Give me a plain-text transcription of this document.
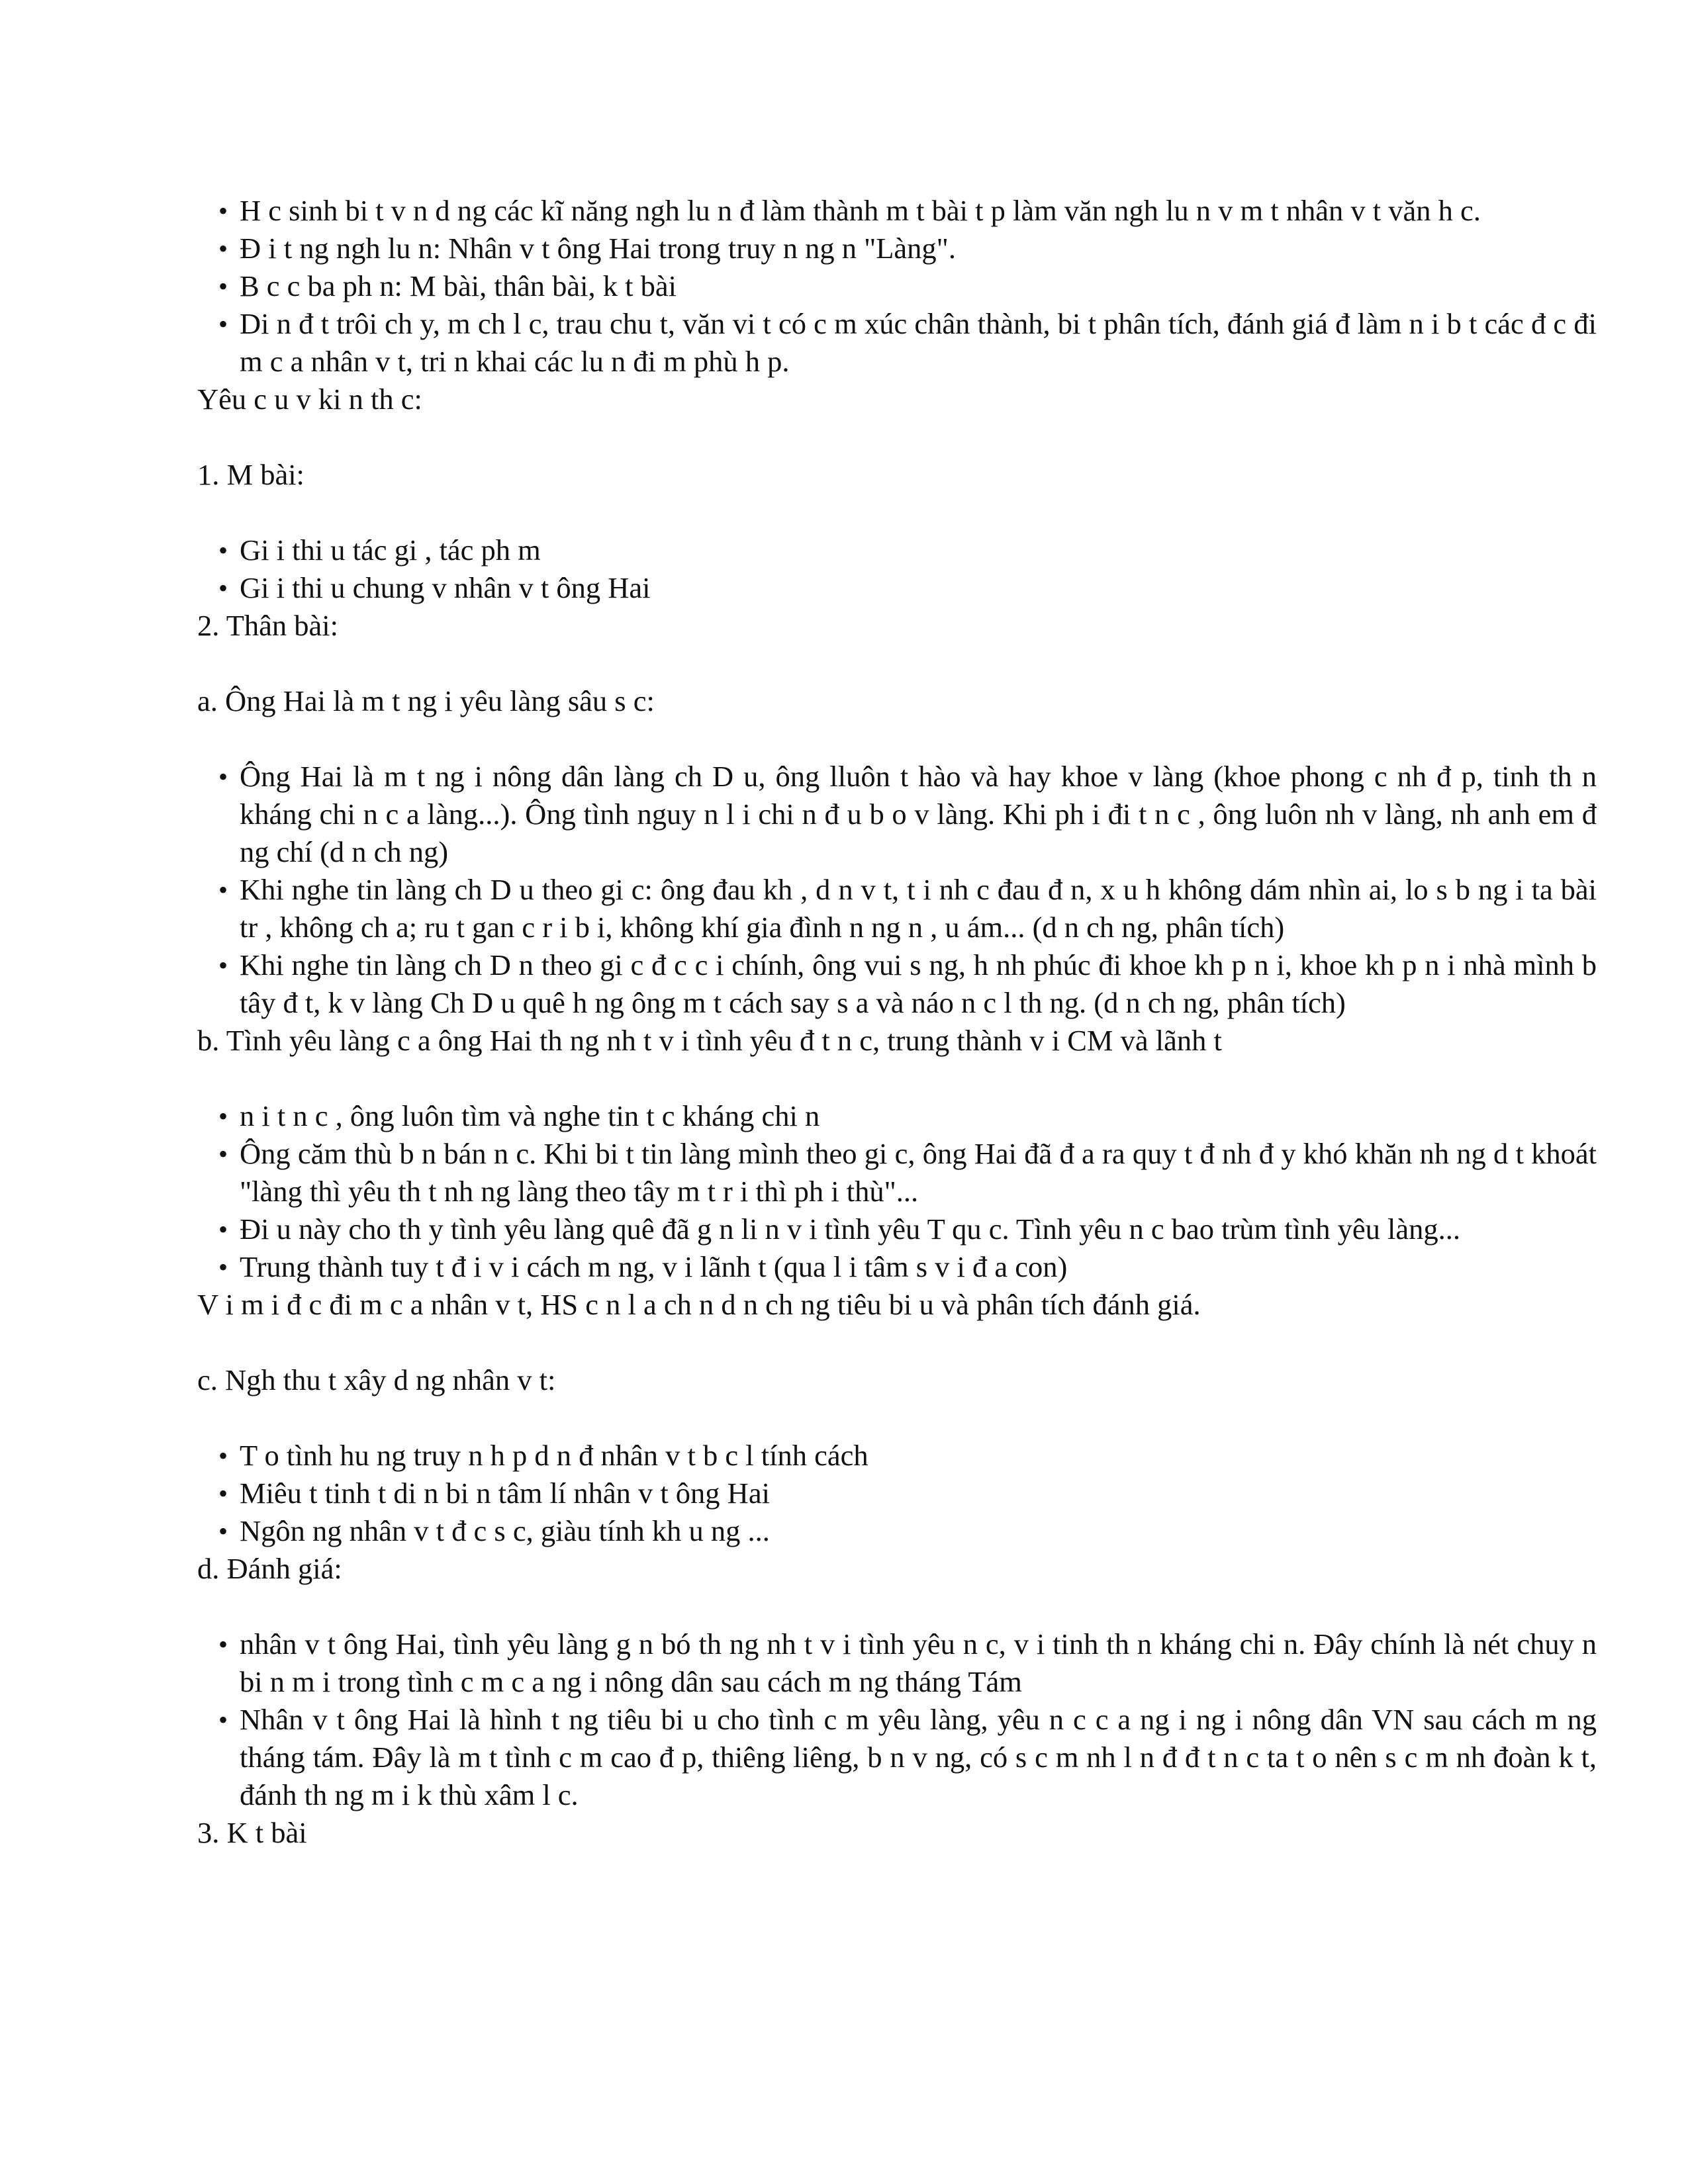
• H c sinh bi t v n d ng các kĩ năng ngh lu n đ làm thành m t bài t p làm văn ngh lu n v m t nhân v t văn h c.
• Đ i t ng ngh lu n: Nhân v t ông Hai trong truy n ng n "Làng".
• B c c ba ph n: M bài, thân bài, k t bài
• Di n đ t trôi ch y, m ch l c, trau chu t, văn vi t có c m xúc chân thành, bi t phân tích, đánh giá đ làm n i b t các đ c đi m c a nhân v t, tri n khai các lu n đi m phù h p.

Yêu c u v ki n th c:

1. M bài:

• Gi i thi u tác gi , tác ph m
• Gi i thi u chung v nhân v t ông Hai

2. Thân bài:

a. Ông Hai là m t ng i yêu làng sâu s c:

• Ông Hai là m t ng i nông dân làng ch D u, ông lluôn t hào và hay khoe v làng (khoe phong c nh đ p, tinh th n kháng chi n c a làng...). Ông tình nguy n l i chi n đ u b o v làng. Khi ph i đi t n c , ông luôn nh v làng, nh anh em đ ng chí (d n ch ng)
• Khi nghe tin làng ch D u theo gi c: ông đau kh , d n v t, t i nh c đau đ n, x u h không dám nhìn ai, lo s b ng i ta bài tr , không ch a; ru t gan c r i b i, không khí gia đình n ng n , u ám... (d n ch ng, phân tích)
• Khi nghe tin làng ch D n theo gi c đ c c i chính, ông vui s ng, h nh phúc đi khoe kh p n i, khoe kh p n i nhà mình b tây đ t, k v làng Ch D u quê h ng ông m t cách say s a và náo n c l th ng. (d n ch ng, phân tích)

b. Tình yêu làng c a ông Hai th ng nh t v i tình yêu đ t n c, trung thành v i CM và lãnh t

• n i t n c , ông luôn tìm và nghe tin t c kháng chi n
• Ông căm thù b n bán n c. Khi bi t tin làng mình theo gi c, ông Hai đã đ a ra quy t đ nh đ y khó khăn nh ng d t khoát "làng thì yêu th t nh ng làng theo tây m t r i thì ph i thù"...
• Đi u này cho th y tình yêu làng quê đã g n li n v i tình yêu T qu c. Tình yêu n c bao trùm tình yêu làng...
• Trung thành tuy t đ i v i cách m ng, v i lãnh t (qua l i tâm s v i đ a con)

V i m i đ c đi m c a nhân v t, HS c n l a ch n d n ch ng tiêu bi u và phân tích đánh giá.

c. Ngh thu t xây d ng nhân v t:

• T o tình hu ng truy n h p d n đ nhân v t b c l tính cách
• Miêu t tinh t di n bi n tâm lí nhân v t ông Hai
• Ngôn ng nhân v t đ c s c, giàu tính kh u ng ...

d. Đánh giá:

• nhân v t ông Hai, tình yêu làng g n bó th ng nh t v i tình yêu n c, v i tinh th n kháng chi n. Đây chính là nét chuy n bi n m i trong tình c m c a ng i nông dân sau cách m ng tháng Tám
• Nhân v t ông Hai là hình t ng tiêu bi u cho tình c m yêu làng, yêu n c c a ng i ng i nông dân VN sau cách m ng tháng tám. Đây là m t tình c m cao đ p, thiêng liêng, b n v ng, có s c m nh l n đ đ t n c ta t o nên s c m nh đoàn k t, đánh th ng m i k thù xâm l c.

3. K t bài
